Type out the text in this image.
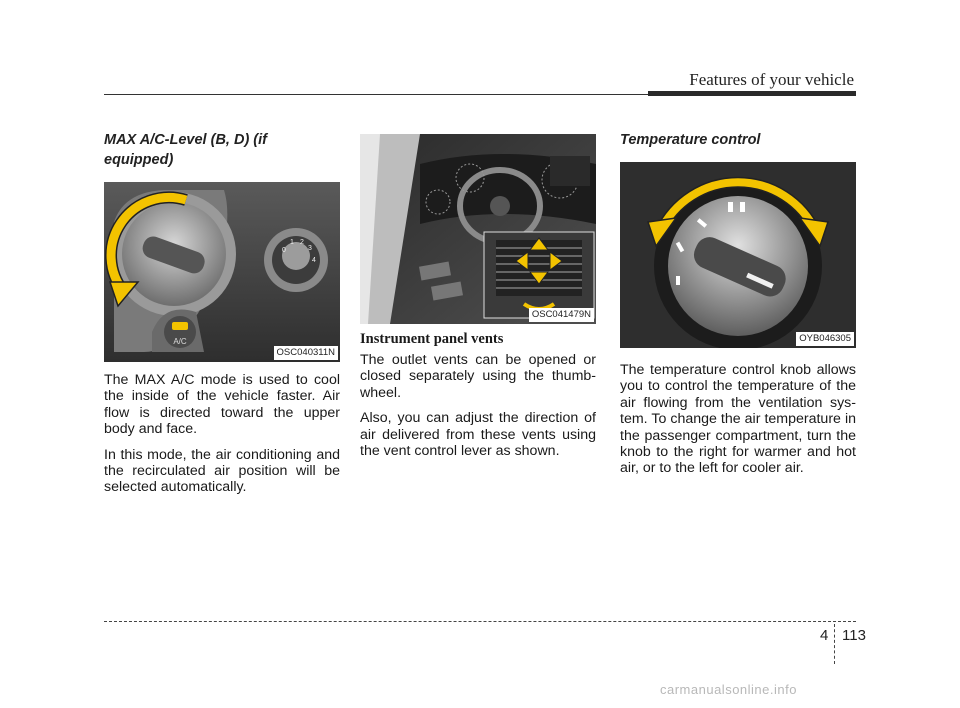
Features of your vehicle
MAX A/C-Level (B, D) (if equipped)
A/C
0
1 2
3
4
OSC040311N
The MAX A/C mode is used to cool the inside of the vehicle faster. Air flow is directed toward the upper body and face.
In this mode, the air conditioning and the recirculated air position will be selected automatically.
OSC041479N
Instrument panel vents
The outlet vents can be opened or closed separately using the thumb-wheel.
Also, you can adjust the direction of air delivered from these vents using the vent control lever as shown.
Temperature control
OYB046305
The temperature control knob allows you to control the temperature of the air flowing from the ventilation sys-tem. To change the air temperature in the passenger compartment, turn the knob to the right for warmer and hot air, or to the left for cooler air.
4 113
carmanualsonline.info
